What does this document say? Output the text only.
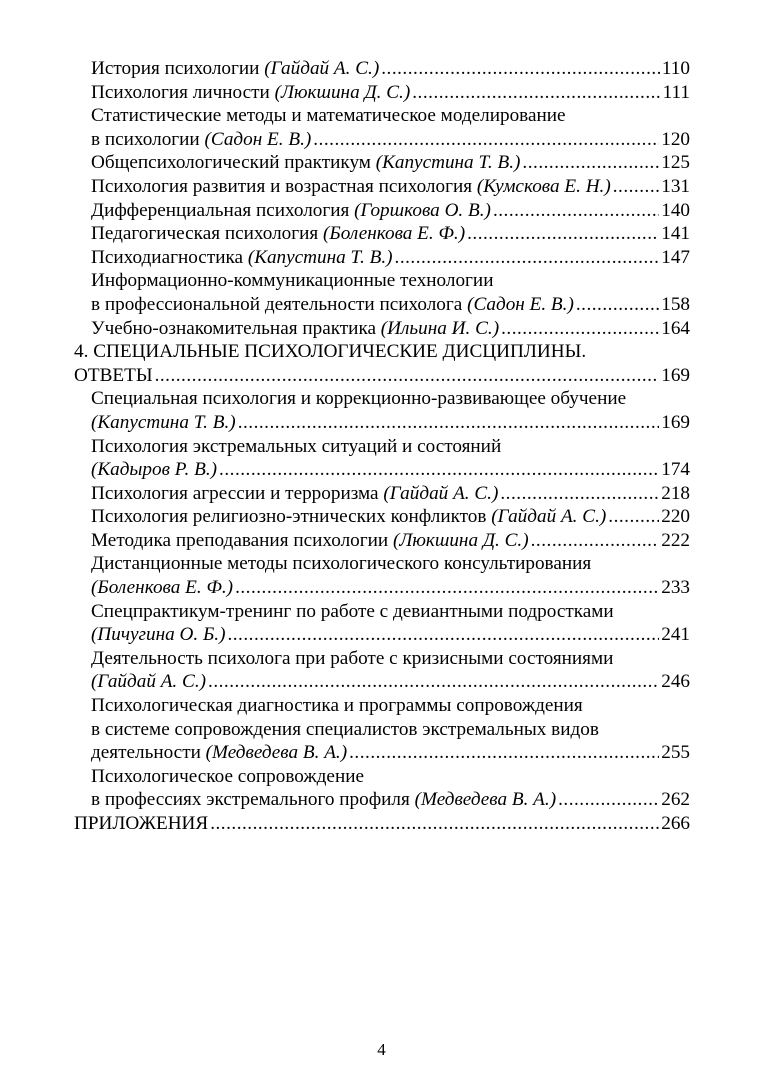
История психологии (Гайдай А. С.) .....	110
Психология личности (Люкшина Д. С.) .....	111
Статистические методы и математическое моделирование
в психологии (Садон Е. В.) .....	120
Общепсихологический практикум (Капустина Т. В.) .....	125
Психология развития и возрастная психология (Кумскова Е. Н.) .....	131
Дифференциальная психология (Горшкова О. В.) .....	140
Педагогическая психология (Боленкова Е. Ф.) .....	141
Психодиагностика (Капустина Т. В.) .....	147
Информационно-коммуникационные технологии
в профессиональной деятельности психолога (Садон Е. В.) .....	158
Учебно-ознакомительная практика (Ильина И. С.) .....	164
4. СПЕЦИАЛЬНЫЕ ПСИХОЛОГИЧЕСКИЕ ДИСЦИПЛИНЫ.
ОТВЕТЫ .....	169
Специальная психология и коррекционно-развивающее обучение
(Капустина Т. В.) .....	169
Психология экстремальных ситуаций и состояний
(Кадыров Р. В.) .....	174
Психология агрессии и терроризма (Гайдай А. С.) .....	218
Психология религиозно-этнических конфликтов (Гайдай А. С.) .....	220
Методика преподавания психологии (Люкшина Д. С.) .....	222
Дистанционные методы психологического консультирования
(Боленкова Е. Ф.) .....	233
Спецпрактикум-тренинг по работе с девиантными подростками
(Пичугина О. Б.) .....	241
Деятельность психолога при работе с кризисными состояниями
(Гайдай А. С.) .....	246
Психологическая диагностика и программы сопровождения
в системе сопровождения специалистов экстремальных видов
деятельности (Медведева В. А.) .....	255
Психологическое сопровождение
в профессиях экстремального профиля (Медведева В. А.) .....	262
ПРИЛОЖЕНИЯ .....	266
4
